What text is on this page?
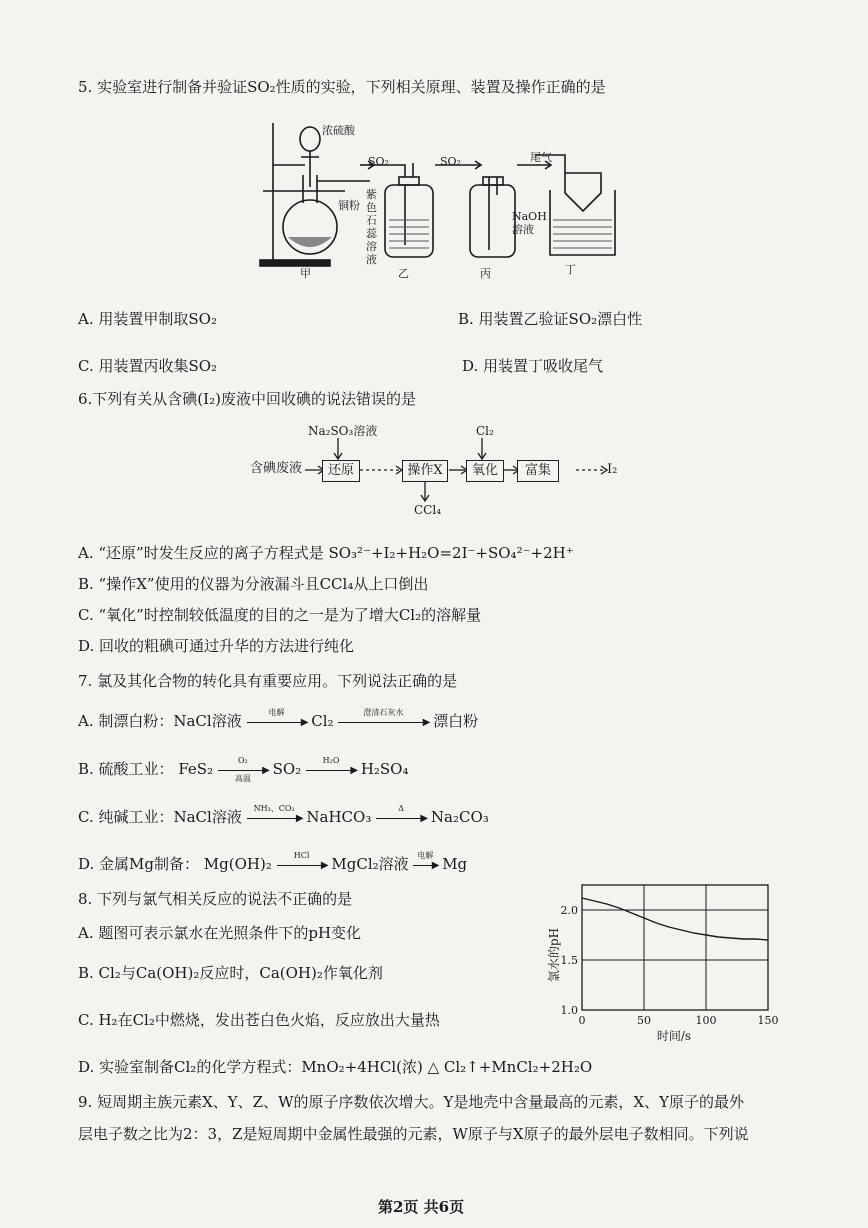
5. 实验室进行制备并验证SO₂性质的实验，下列相关原理、装置及操作正确的是
浓硫酸
铜粉
SO₂	SO₂	尾气
紫色石蕊溶液
NaOH溶液
甲	乙	丙	丁
A. 用装置甲制取SO₂	B. 用装置乙验证SO₂漂白性
C. 用装置丙收集SO₂	D. 用装置丁吸收尾气
6.下列有关从含碘(I₂)废液中回收碘的说法错误的是
含碘废液
Na₂SO₃溶液
还原	操作X
Cl₂
氧化	富集	I₂
CCl₄
A. “还原”时发生反应的离子方程式是 SO₃²⁻+I₂+H₂O=2I⁻+SO₄²⁻+2H⁺
B. “操作X”使用的仪器为分液漏斗且CCl₄从上口倒出
C. “氧化”时控制较低温度的目的之一是为了增大Cl₂的溶解量
D. 回收的粗碘可通过升华的方法进行纯化
7. 氯及其化合物的转化具有重要应用。下列说法正确的是
A. 制漂白粉：NaCl溶液	电解
▶ Cl₂	澄清石灰水
▶ 漂白粉
B. 硫酸工业： FeS₂	O₂
▶
高温
SO₂	H₂O
▶ H₂SO₄
C. 纯碱工业：NaCl溶液	NH₃、CO₂
▶ NaHCO₃	Δ
▶ Na₂CO₃
D. 金属Mg制备： Mg(OH)₂	HCl
▶ MgCl₂溶液	电解
▶ Mg
8. 下列与氯气相关反应的说法不正确的是
A. 题图可表示氯水在光照条件下的pH变化
B. Cl₂与Ca(OH)₂反应时，Ca(OH)₂作氧化剂
C. H₂在Cl₂中燃烧，发出苍白色火焰，反应放出大量热
D. 实验室制备Cl₂的化学方程式：MnO₂+4HCl(浓) △ Cl₂↑+MnCl₂+2H₂O
0	50	100	150
1.0
1.5
2.0
氯水的pH
时间/s
9. 短周期主族元素X、Y、Z、W的原子序数依次增大。Y是地壳中含量最高的元素，X、Y原子的最外
层电子数之比为2：3，Z是短周期中金属性最强的元素，W原子与X原子的最外层电子数相同。下列说
第2页 共6页
